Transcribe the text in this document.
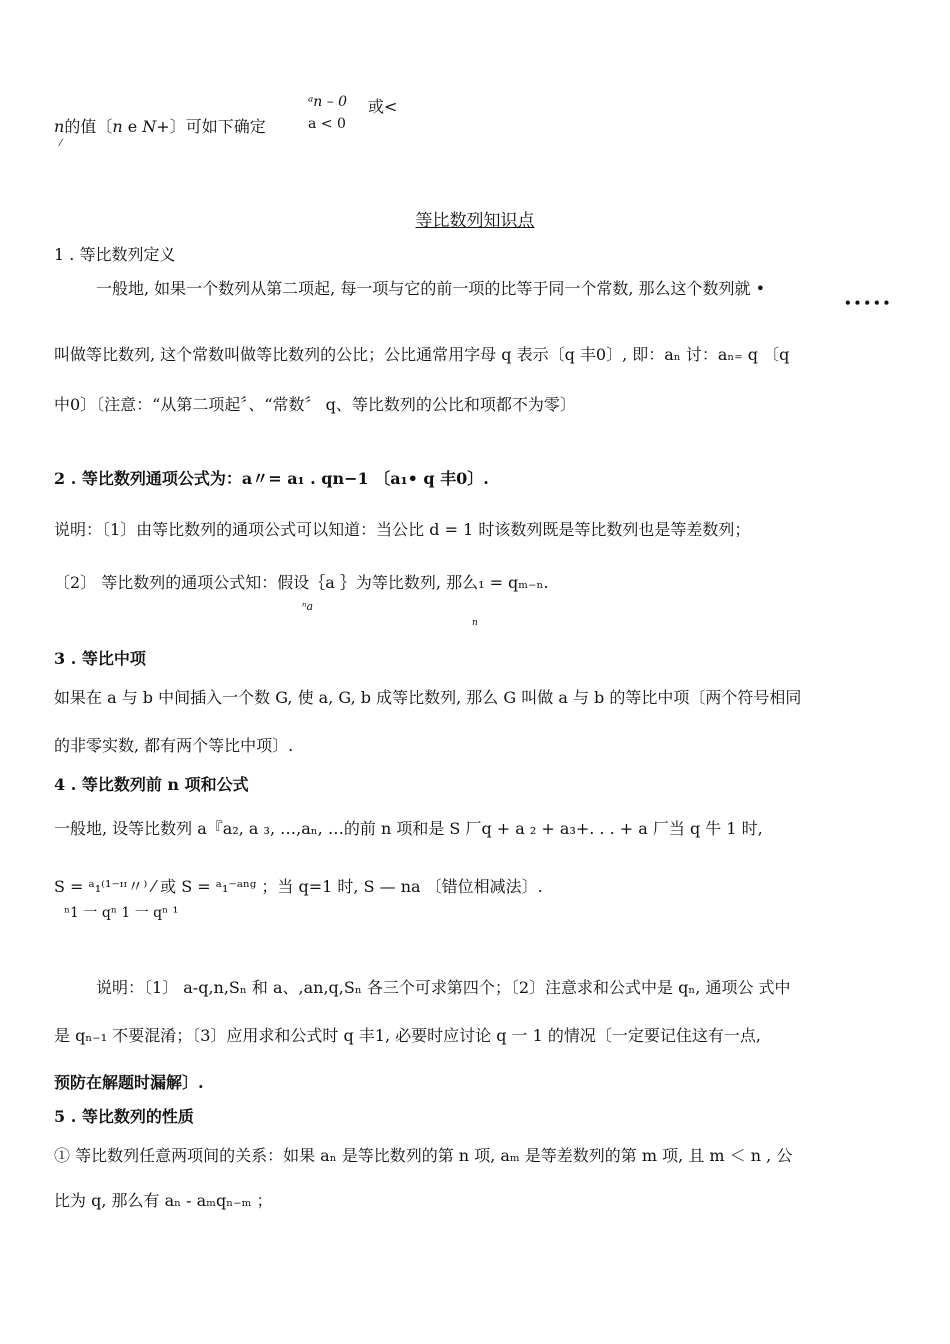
n的值〔n e N+〕可如下确定
ᵃn – 0 或<
a < 0
⁄
等比数列知识点
1 . 等比数列定义
一般地, 如果一个数列从第二项起, 每一项与它的前一项的比等于同一个常数, 那么这个数列就 •
•••••
叫做等比数列, 这个常数叫做等比数列的公比；公比通常用字母 q 表示〔q 丰0〕, 即：aₙ 讨：aₙ₌ q 〔q
中0〕〔注意：“从第二项起〞、“常数〞 q、等比数列的公比和项都不为零〕
2 . 等比数列通项公式为：a〃= a₁ . qn−1 〔a₁• q 丰0〕.
说明：〔1〕由等比数列的通项公式可以知道：当公比 d = 1 时该数列既是等比数列也是等差数列；
〔2〕 等比数列的通项公式知：假设｛a ｝为等比数列, 那么₁ = qₘ₋ₙ.
ⁿa
n
3 . 等比中项
如果在 a 与 b 中间插入一个数 G, 使 a, G, b 成等比数列, 那么 G 叫做 a 与 b 的等比中项〔两个符号相同
的非零实数, 都有两个等比中项〕.
4 . 等比数列前 n 项和公式
一般地, 设等比数列 a『a₂, a ₃, …,aₙ, …的前 n 项和是 S 厂q + a ₂ + a₃+. . . + a 厂当 q 牛 1 时,
S = ᵃ₁⁽¹⁻ᶦᶦ〃⁾ ⁄ 或 S = ᵃ₁⁻ᵃⁿᵍ ；当 q=1 时, S — na 〔错位相减法〕.
ⁿ1 一 qⁿ 1 一 qⁿ ¹
说明：〔1〕 a-q,n,Sₙ 和 a、,an,q,Sₙ 各三个可求第四个；〔2〕注意求和公式中是 qₙ, 通项公 式中
是 qₙ₋₁ 不要混淆；〔3〕应用求和公式时 q 丰1, 必要时应讨论 q 一 1 的情况〔一定要记住这有一点,
预防在解题时漏解〕.
5 . 等比数列的性质
① 等比数列任意两项间的关系：如果 aₙ 是等比数列的第 n 项, aₘ 是等差数列的第 m 项, 且 m ＜ n , 公
比为 q, 那么有 aₙ - aₘqₙ₋ₘ ；
